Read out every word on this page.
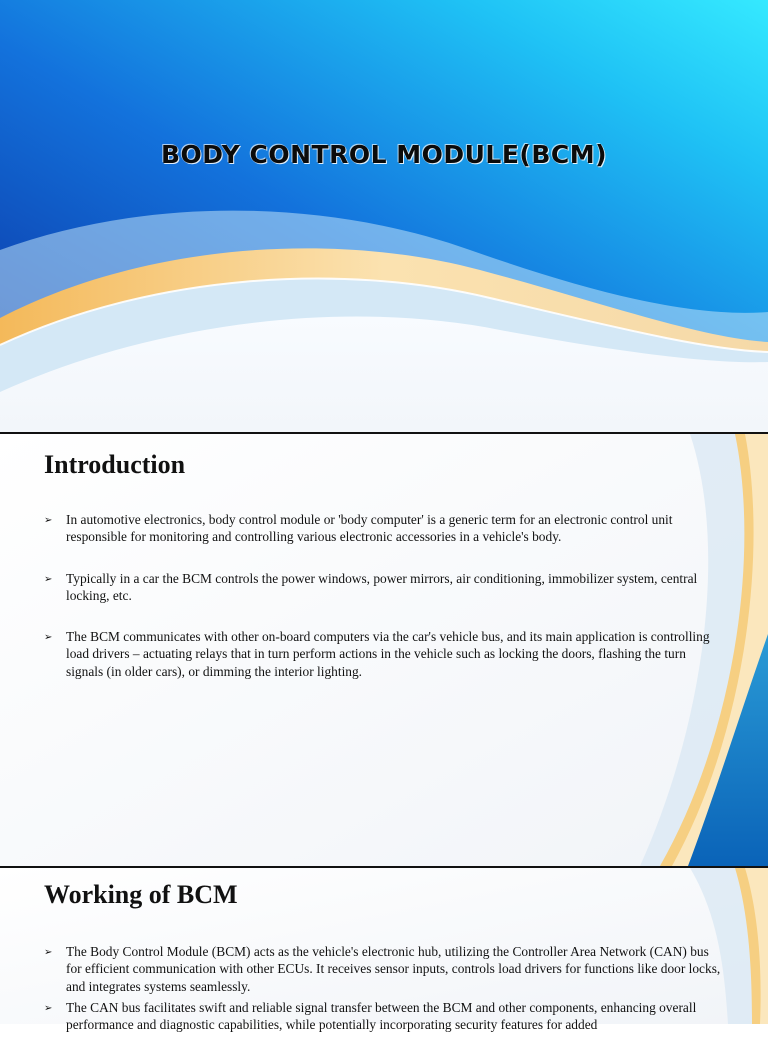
BODY CONTROL MODULE(BCM)
Introduction
➢ In automotive electronics, body control module or 'body computer' is a generic term for an electronic control unit responsible for monitoring and controlling various electronic accessories in a vehicle's body.
➢ Typically in a car the BCM controls the power windows, power mirrors, air conditioning, immobilizer system, central locking, etc.
➢ The BCM communicates with other on-board computers via the car's vehicle bus, and its main application is controlling load drivers – actuating relays that in turn perform actions in the vehicle such as locking the doors, flashing the turn signals (in older cars), or dimming the interior lighting.
Working of BCM
➢ The Body Control Module (BCM) acts as the vehicle's electronic hub, utilizing the Controller Area Network (CAN) bus for efficient communication with other ECUs. It receives sensor inputs, controls load drivers for functions like door locks, and integrates systems seamlessly.
➢ The CAN bus facilitates swift and reliable signal transfer between the BCM and other components, enhancing overall performance and diagnostic capabilities, while potentially incorporating security features for added
